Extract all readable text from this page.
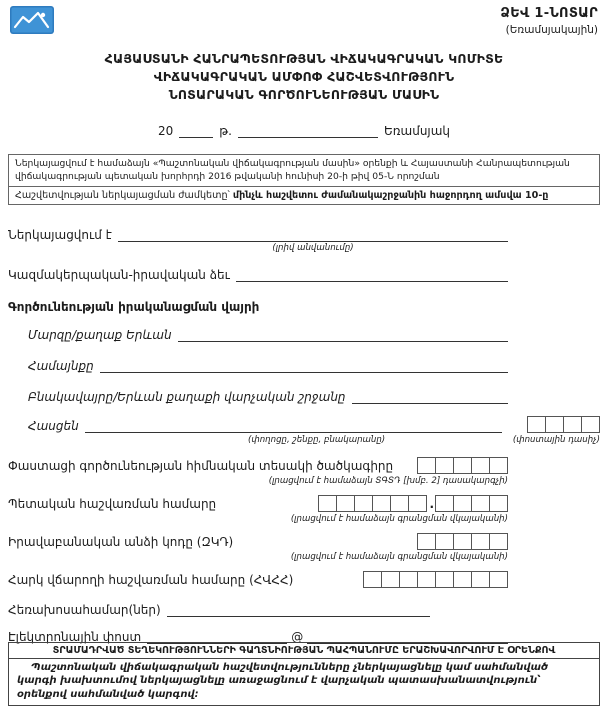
ՁԵՎ 1-ՆՈՏԱՐ
(Եռամսյակային)
ՀԱՅԱՍՏԱՆԻ ՀԱՆՐԱՊԵՏՈՒԹՅԱՆ ՎԻՃԱԿԱԳՐԱԿԱՆ ԿՈՄԻՏԵ
ՎԻՃԱԿԱԳՐԱԿԱՆ ԱՄՓՈՓ ՀԱՇՎԵՏՎՈՒԹՅՈՒՆ
ՆՈՏԱՐԱԿԱՆ ԳՈՐԾՈՒՆԵՈՒԹՅԱՆ ՄԱՍԻՆ
20	թ.	Եռամսյակ
Ներկայացվում է համաձայն «Պաշտոնական վիճակագրության մասին» օրենքի և Հայաստանի Հանրապետության վիճակագրության պետական խորհրդի 2016 թվականի հունիսի 20-ի թիվ 05-Ն որոշման
Հաշվետվության ներկայացման ժամկետը՝ մինչև հաշվետու ժամանակաշրջանին հաջորդող ամսվա 10-ը
Ներկայացվում է
(լրիվ անվանումը)
Կազմակերպական-իրավական ձեւ
Գործունեության իրականացման վայրի
Մարզը/քաղաք Երևան
Համայնքը
Բնակավայրը/Երևան քաղաքի վարչական շրջանը
Հասցեն
(փողոցը, շենքը, բնակարանը)	(փոստային դասիչ)
Փաստացի գործունեության հիմնական տեսակի ծածկագիրը
(լրացվում է համաձայն ՏԳՏԴ [խմբ. 2] դասակարգչի)
Պետական հաշվառման համարը	.
(լրացվում է համաձայն գրանցման վկայականի)
Իրավաբանական անձի կոդը (ԶԿԴ)
(լրացվում է համաձայն գրանցման վկայականի)
Հարկ վճարողի հաշվառման համարը (ՀՎՀՀ)
Հեռախոսահամար(ներ)
Էլեկտրոնային փոստ	@
ՏՐԱՄԱԴՐՎԱԾ ՏԵՂԵԿՈՒԹՅՈՒՆՆԵՐԻ ԳԱՂՏՆԻՈՒԹՅԱՆ ՊԱՀՊԱՆՈՒՄԸ ԵՐԱՇԽԱՎՈՐՎՈՒՄ Է ՕՐԵՆՔՈՎ
Պաշտոնական վիճակագրական հաշվետվությունները չներկայացնելը կամ սահմանված կարգի խախտումով ներկայացնելը առաջացնում է վարչական պատասխանատվություն՝ օրենքով սահմանված կարգով:
